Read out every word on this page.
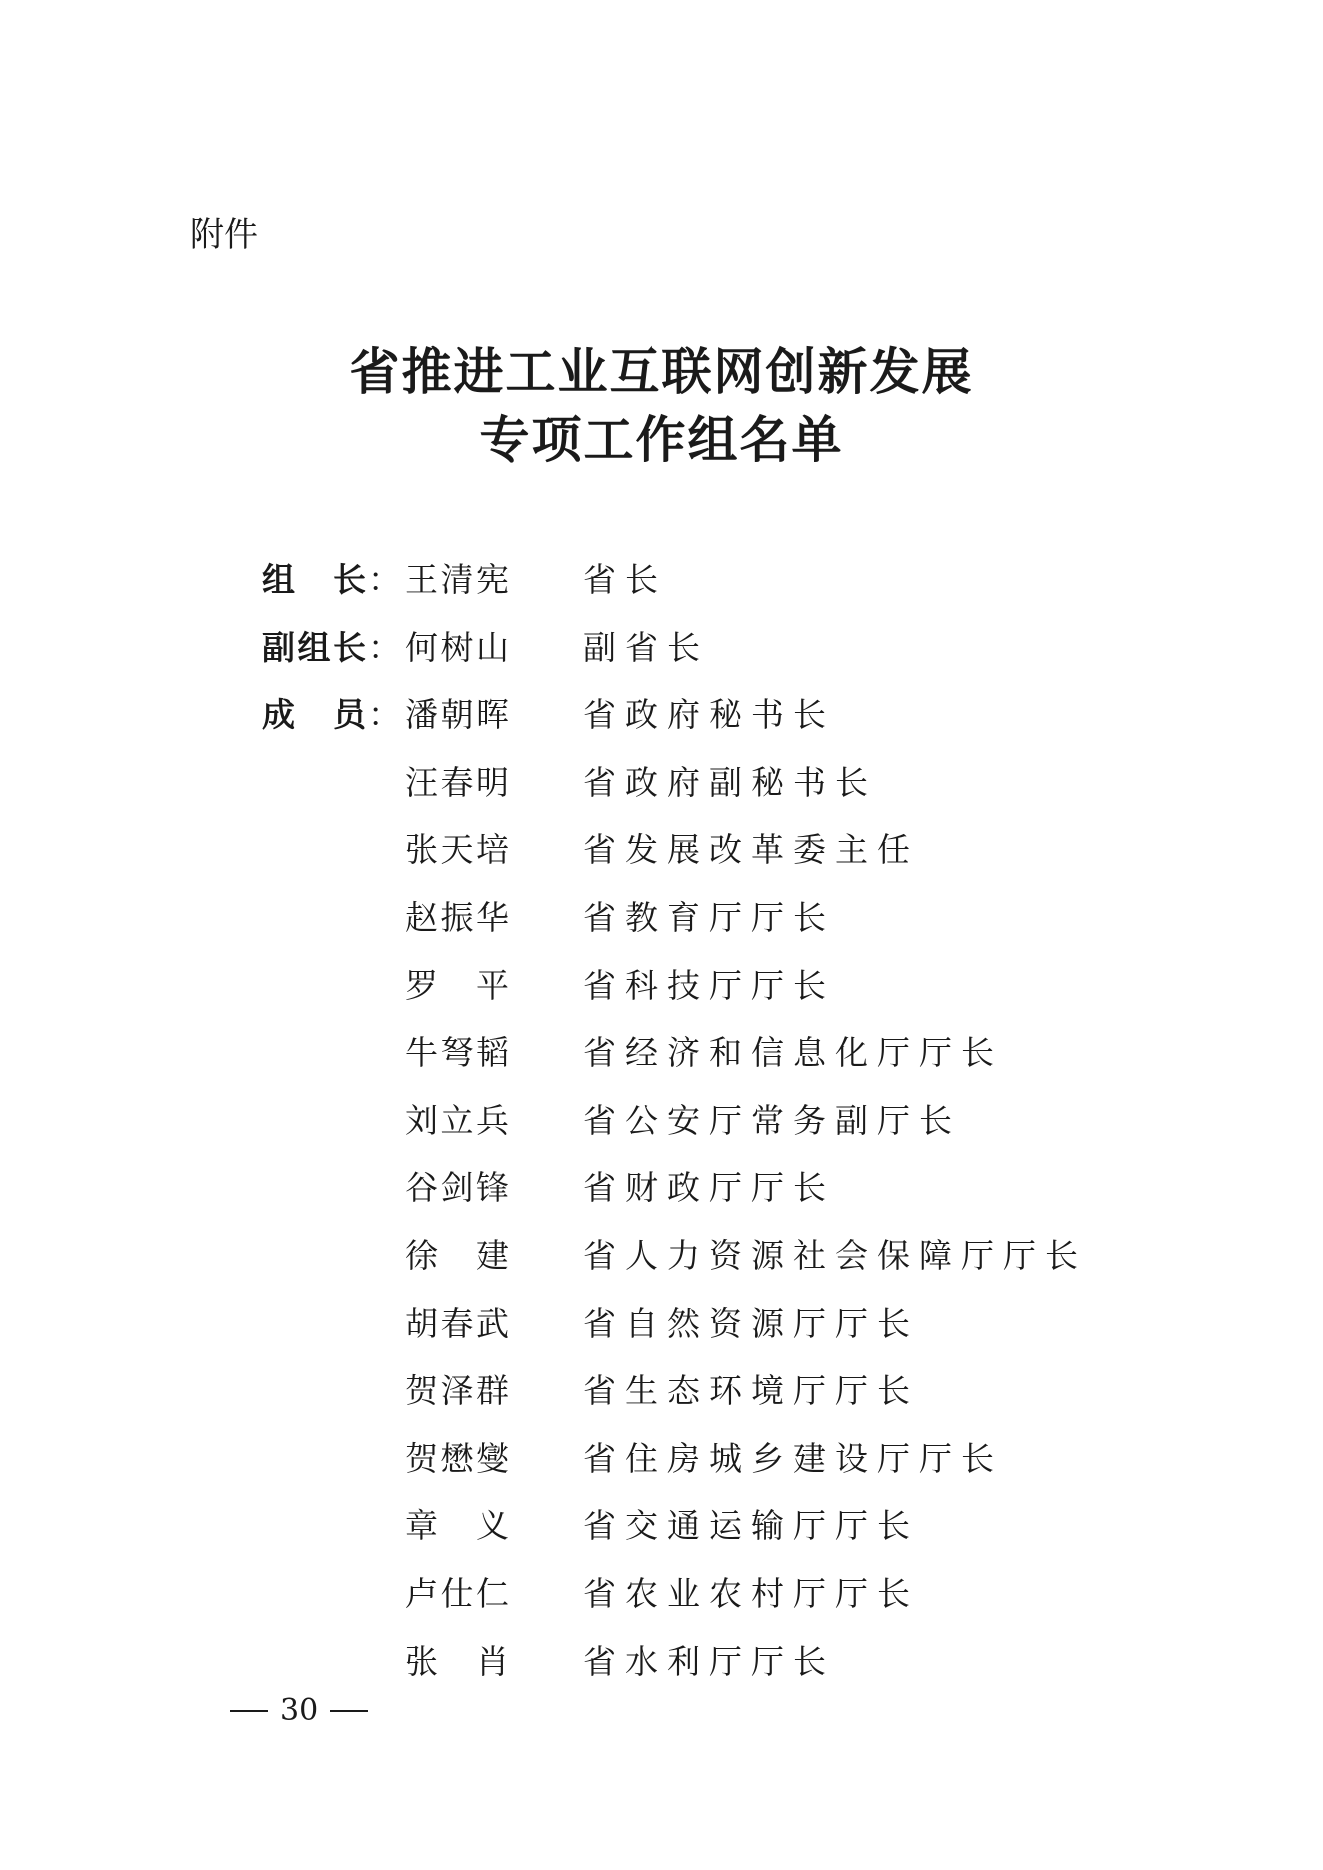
附件
省推进工业互联网创新发展
专项工作组名单
组 长 ： 王 清 宪 省长
副 组 长 ： 何 树 山 副省长
成 员 ： 潘 朝 晖 省政府秘书长
汪 春 明 省政府副秘书长
张 天 培 省发展改革委主任
赵 振 华 省教育厅厅长
罗 平 省科技厅厅长
牛 弩 韬 省经济和信息化厅厅长
刘 立 兵 省公安厅常务副厅长
谷 剑 锋 省财政厅厅长
徐 建 省人力资源社会保障厅厅长
胡 春 武 省自然资源厅厅长
贺 泽 群 省生态环境厅厅长
贺 懋 燮 省住房城乡建设厅厅长
章 义 省交通运输厅厅长
卢 仕 仁 省农业农村厅厅长
张 肖 省水利厅厅长
30
